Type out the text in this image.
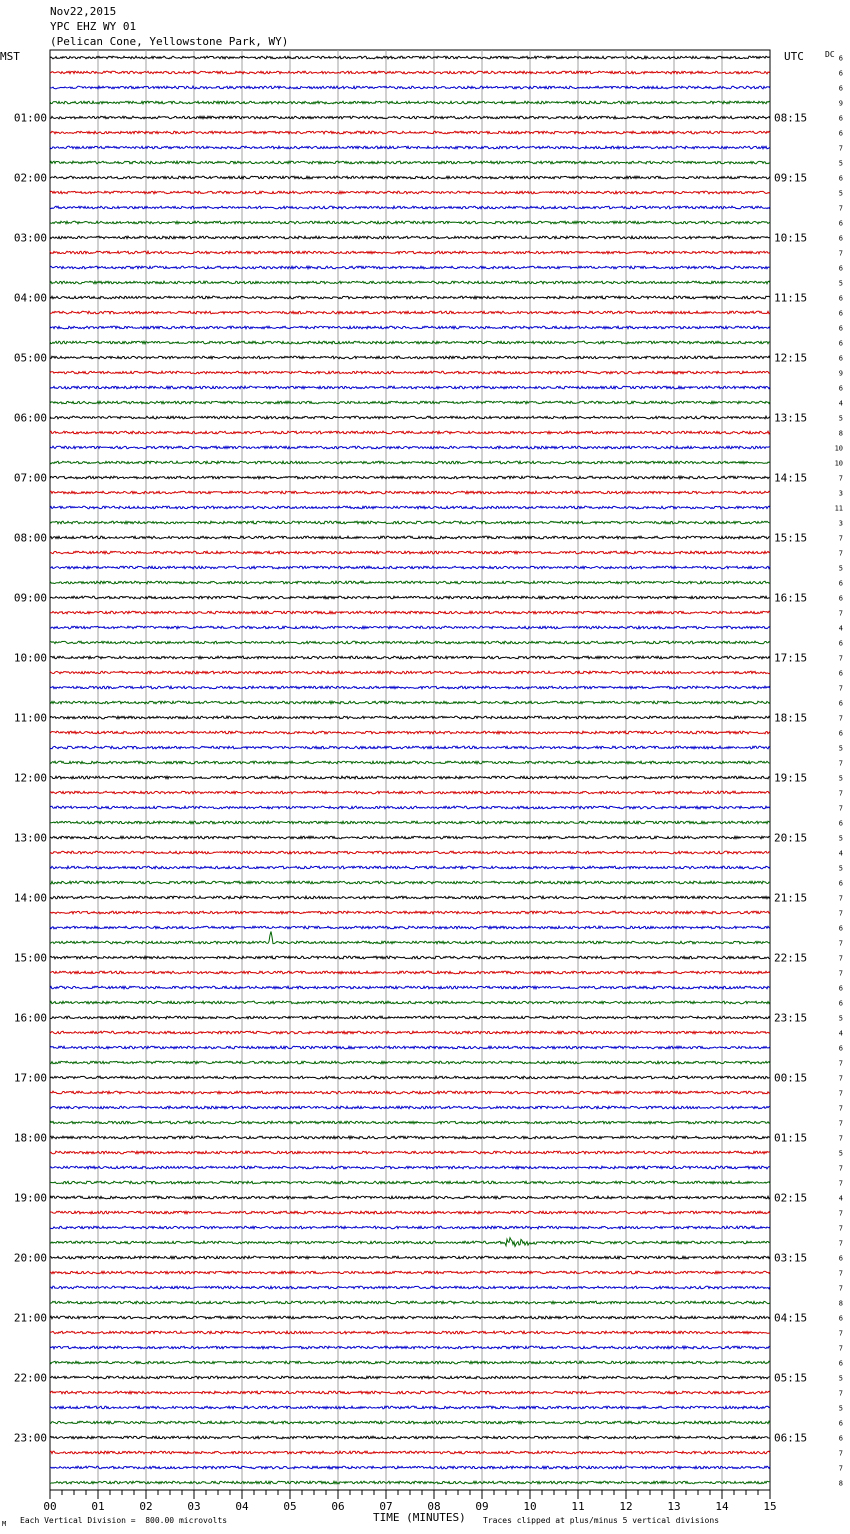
Nov22,2015
YPC EHZ WY 01
(Pelican Cone, Yellowstone Park, WY)
MST	UTC	DC
01:00
02:00
03:00
04:00
05:00
06:00
07:00
08:00
09:00
10:00
11:00
12:00
13:00
14:00
15:00
16:00
17:00
18:00
19:00
20:00
21:00
22:00
23:00
08:15
09:15
10:15
11:15
12:15
13:15
14:15
15:15
16:15
17:15
18:15
19:15
20:15
21:15
22:15
23:15
00:15
01:15
02:15
03:15
04:15
05:15
06:15
6
6
6
9
6
6
7
5
6
5
7
6
6
7
6
5
6
6
6
6
6
9
6
4
5
8
10
10
7
3
11
3
7
7
5
6
6
7
4
6
7
6
7
6
7
6
5
7
5
7
7
6
5
4
5
6
7
7
6
7
7
7
6
6
5
4
6
7
7
7
7
7
7
5
7
7
4
7
7
7
6
7
7
8
6
7
7
6
5
7
5
6
6
7
7
8
00	01	02	03	04	05	06	07	08	09	10	11	12	13	14	15
M Each Vertical Division =  800.00 microvolts	TIME (MINUTES) Traces clipped at plus/minus 5 vertical divisions
